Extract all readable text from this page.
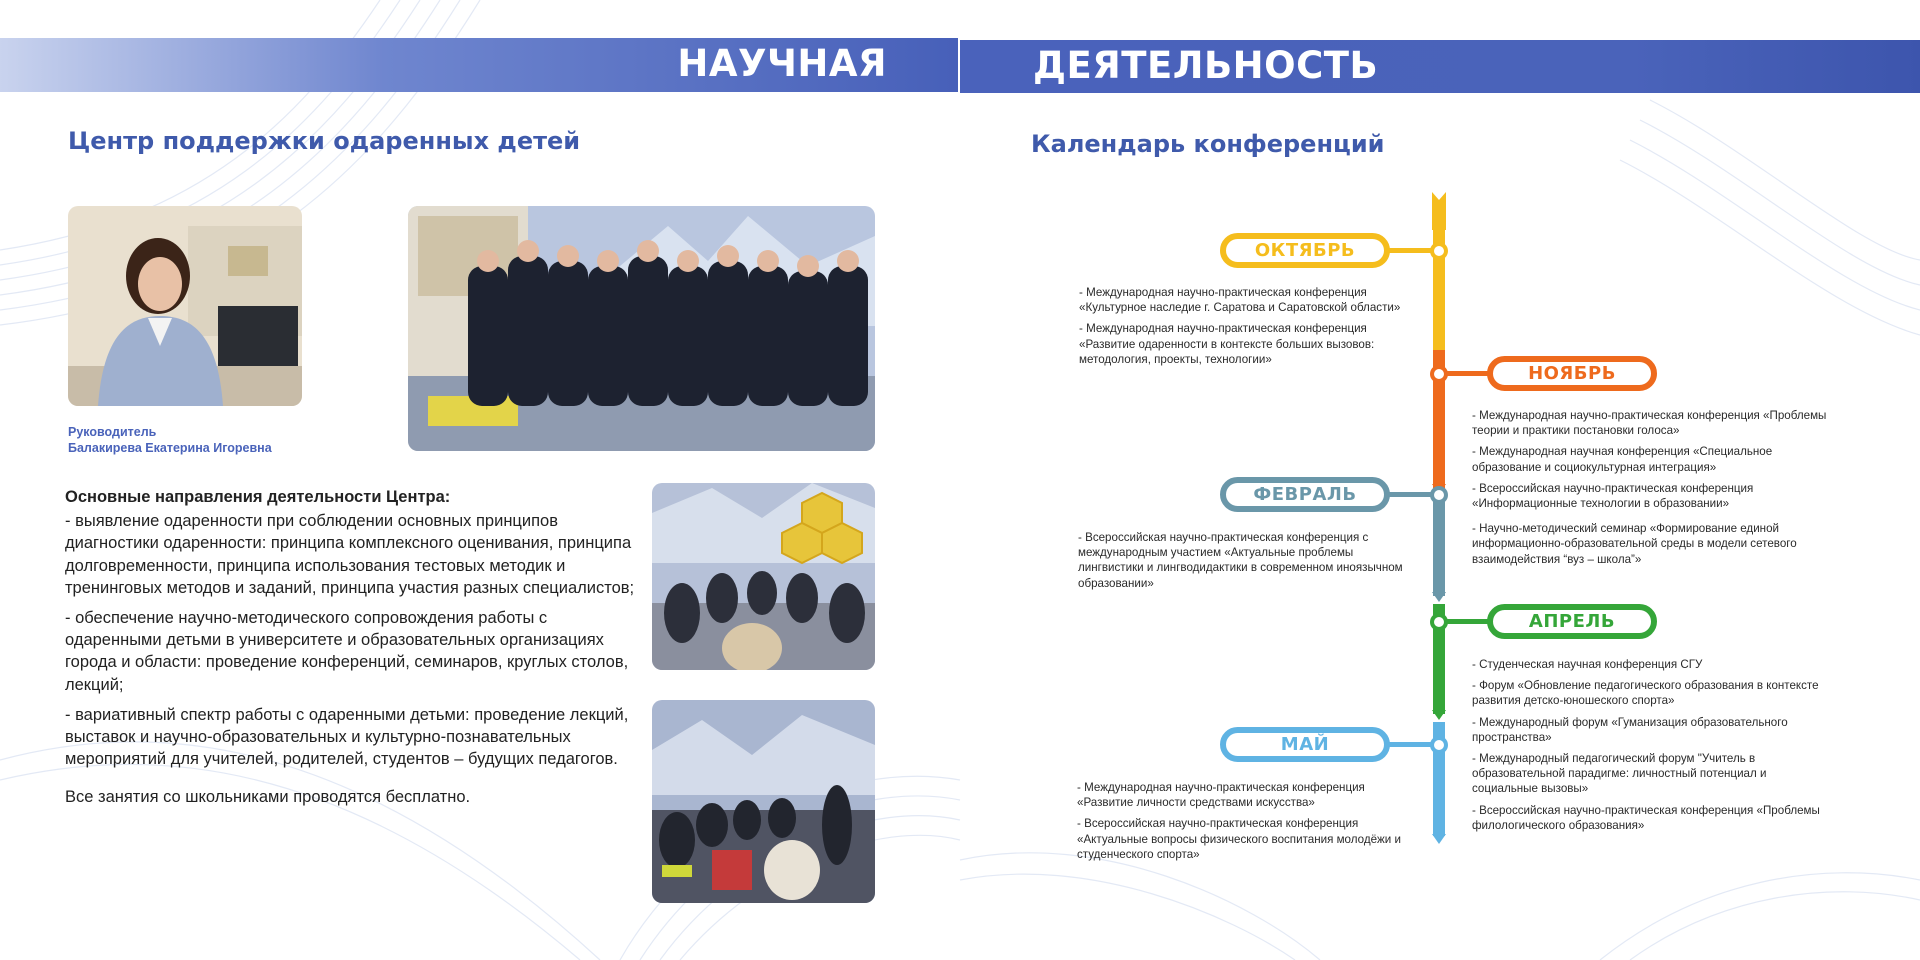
НАУЧНАЯ	ДЕЯТЕЛЬНОСТЬ
Центр поддержки одаренных детей
Руководитель
Балакирева Екатерина Игоревна
Основные направления деятельности Центра:

- выявление одаренности при соблюдении основных принципов диагностики одаренности: принципа комплексного оценивания, принципа долговременности, принципа использования тестовых методик и тренинговых методов и заданий, принципа участия разных специалистов;

- обеспечение научно-методического сопровождения работы с одаренными детьми в университете и образовательных организациях города и области: проведение конференций, семинаров, круглых столов, лекций;

- вариативный спектр работы с одаренными детьми: проведение лекций, выставок и научно-образовательных и культурно-познавательных мероприятий для учителей, родителей, студентов – будущих педагогов.

Все занятия со школьниками проводятся бесплатно.

Календарь конференций
ОКТЯБРЬ
- Международная научно-практическая конференция «Культурное наследие г. Саратова и Саратовской области»
- Международная научно-практическая конференция «Развитие одаренности в контексте больших вызовов: методология, проекты, технологии»
НОЯБРЬ
- Международная научно-практическая конференция «Проблемы теории и практики постановки голоса»
- Международная научная конференция «Специальное образование и социокультурная интеграция»
- Всероссийская научно-практическая конференция «Информационные технологии в образовании»
- Научно-методический семинар «Формирование единой информационно-образовательной среды в модели сетевого взаимодействия “вуз – школа”»
ФЕВРАЛЬ
- Всероссийская научно-практическая конференция с международным участием «Актуальные проблемы лингвистики и лингводидактики в современном иноязычном образовании»
АПРЕЛЬ
- Студенческая научная конференция СГУ
- Форум «Обновление педагогического образования в контексте развития детско-юношеского спорта»
- Международный форум «Гуманизация образовательного пространства»
- Международный педагогический форум "Учитель в образовательной парадигме: личностный потенциал и социальные вызовы»
- Всероссийская научно-практическая конференция «Проблемы филологического образования»
МАЙ
- Международная научно-практическая конференция «Развитие личности средствами искусства»
- Всероссийская научно-практическая конференция «Актуальные вопросы физического воспитания молодёжи и студенческого спорта»
